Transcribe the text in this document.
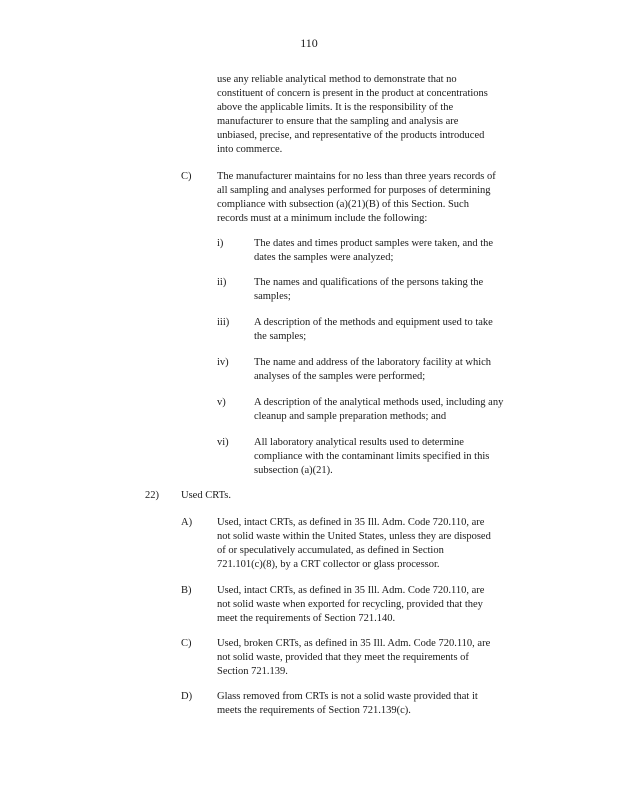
110

use any reliable analytical method to demonstrate that no
constituent of concern is present in the product at concentrations
above the applicable limits. It is the responsibility of the
manufacturer to ensure that the sampling and analysis are
unbiased, precise, and representative of the products introduced
into commerce.

C) The manufacturer maintains for no less than three years records of
all sampling and analyses performed for purposes of determining
compliance with subsection (a)(21)(B) of this Section. Such
records must at a minimum include the following:

i)	The dates and times product samples were taken, and the
dates the samples were analyzed;

ii)	The names and qualifications of the persons taking the
samples;

iii) A description of the methods and equipment used to take
the samples;

iv) The name and address of the laboratory facility at which
analyses of the samples were performed;

v)	A description of the analytical methods used, including any
cleanup and sample preparation methods; and

vi) All laboratory analytical results used to determine
compliance with the contaminant limits specified in this
subsection (a)(21).

22) Used CRTs.
A) Used, intact CRTs, as defined in 35 Ill. Adm. Code 720.110, are
not solid waste within the United States, unless they are disposed
of or speculatively accumulated, as defined in Section
721.101(c)(8), by a CRT collector or glass processor.

B) Used, intact CRTs, as defined in 35 Ill. Adm. Code 720.110, are
not solid waste when exported for recycling, provided that they
meet the requirements of Section 721.140.

C) Used, broken CRTs, as defined in 35 Ill. Adm. Code 720.110, are
not solid waste, provided that they meet the requirements of
Section 721.139.

D) Glass removed from CRTs is not a solid waste provided that it
meets the requirements of Section 721.139(c).
